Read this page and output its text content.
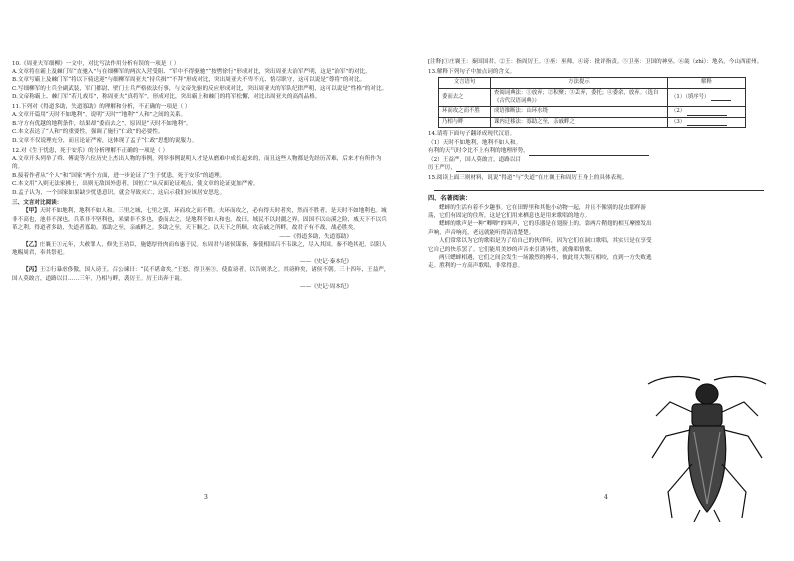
10.《周亚夫军细柳》一文中，对比写法作用分析有误的一项是（ ）

A.文章将在霸上及棘门军“直驰入”与在细柳军的两次入营受阻、“军中不得驱驰”“按辔徐行”形成对比，突出周亚夫治军严明，这是“治军”的对比。

B.文章写霸上及棘门军“将以下骑送迎”与细柳军周亚夫“持兵揖”“不拜”形成对比，突出周亚夫不卑不亢、恪尽职守，这可以说是“尊将”的对比。

C.写细柳军的士兵全副武装，军门都尉、壁门士兵严格依法行事，与文帝先驱的反应形成对比，突出周亚夫的军队纪律严明，这可以说是“性格”的对比。

D.文帝称霸上、棘门军“若儿戏耳”，称周亚夫“真将军”，形成对比，突出霸上和棘门的将军松懈，对比出周亚夫的高尚品格。

11.下列对《得道多助，失道寡助》的理解和分析，不正确的一项是（ ）

A.文章开篇用“天时不如地利”，说明“天时”“地利”“人和”之间的关系。

B.守方有优越的地利条件，结果却“委而去之”，原因是“天时不如地利”。

C.本文表达了“人和”的重要性，强调了施行“仁政”的必要性。

D.文章不仅说理充分，而且论证严密，这体现了孟子“仁政”思想的说服力。

12.对《生于忧患，死于安乐》的分析理解不正确的一项是（ ）

A.文章开头列举了舜、傅说等六位历史上杰出人物的事例，列举事例说明人才是从磨难中成长起来的，而且这些人物都是先经历苦难，后来才有所作为的。

B.接着作者从“个人”和“国家”两个方面，进一步论证了“生于忧患，死于安乐”的道理。

C.本文用“入则无法家拂士，出则无敌国外患者，国恒亡”从反面论证观点，使文章的论证更加严密。

D.孟子认为，一个国家如果缺少忧患意识，就会导致灭亡，这启示我们应该居安思危。

三、文言对比阅读：

【甲】天时不如地利，地利不如人和。三里之城，七里之郭，环而攻之而不胜。夫环而攻之，必有得天时者矣，然而不胜者，是天时不如地利也。城非不高也，池非不深也，兵革非不坚利也，米粟非不多也，委而去之，是地利不如人和也。故曰，域民不以封疆之界，固国不以山溪之险，威天下不以兵革之利。得道者多助，失道者寡助。寡助之至，亲戚畔之。多助之至，天下顺之。以天下之所顺，攻亲戚之所畔，故君子有不战，战必胜矣。

——《得道多助，失道寡助》

【乙】庄襄王①元年，大赦罪人，修先王功臣，施德厚骨肉而布惠于民。东周君与诸侯谋秦，秦使相国吕不韦诛之，尽入其国。秦不绝其祀，以阳人地赐周君，奉其祭祀。

——《史记·秦本纪》

【丙】王②行暴虐侈傲，国人谤王。召公谏曰：“民不堪命矣。”王怒，得卫巫③，使监谤者，以告则杀之。其谤鲜矣，诸侯不朝。三十四年，王益严，国人莫敢言，道路以目……三年，乃相与畔，袭厉王。厉王出奔于彘。

——《史记·周本纪》

3

[注释]①庄襄王：秦国国君。②王：指周厉王。③巫：巫师。④谤：批评指责。⑤卫巫：卫国的神巫。⑥彘（zhì）：地名，今山西霍州。

13.解释下列句子中加点词的含义。

文言语句	方法提示	解释
委而去之	查阅词典法：①放弃；②积聚；③丢弃，委托；④委余，放弃。（选自《古代汉语词典》）	（1）（填序号）
环而攻之而不胜	成语推断法：山环水绕	（2）
乃相与畔	课内迁移法：寡助之至，亲戚畔之	（3）

14.请将下面句子翻译成现代汉语。

（1）天时不如地利，地利不如人和。

有利的天气时令比不上有利的地理形势，

（2）王益严，国人莫敢言，道路以目

厉王严厉，

15.阅读上面三则材料，说说“得道”与“失道”在庄襄王和周厉王身上的具体表现。

四、名著阅读：

蟋蟀的生活有着不少趣事。它在田野里和其他小动物一起，并且不像别的昆虫那样游荡，它们有固定的住所，这是它们用来栖息也是用来歌唱的地方。

蟋蟀的歌声是一种“唧唧”的叫声，它的乐器是在翅膀上的，靠两片鞘翅的相互摩擦发出声响，声音响亮，老远就能听得清清楚楚。

人们常常以为它的歌唱是为了给自己的伙伴听，因为它们在洞口歌唱，其实只是在享受它自己的快乐罢了。它们能用美妙的声音来引诱异性，就像唱情歌。

两只蟋蟀相遇，它们之间会发生一场激烈的搏斗，彼此用大颚互相咬，直到一方失败逃走。胜利的一方高声歌唱，非常得意。

4
